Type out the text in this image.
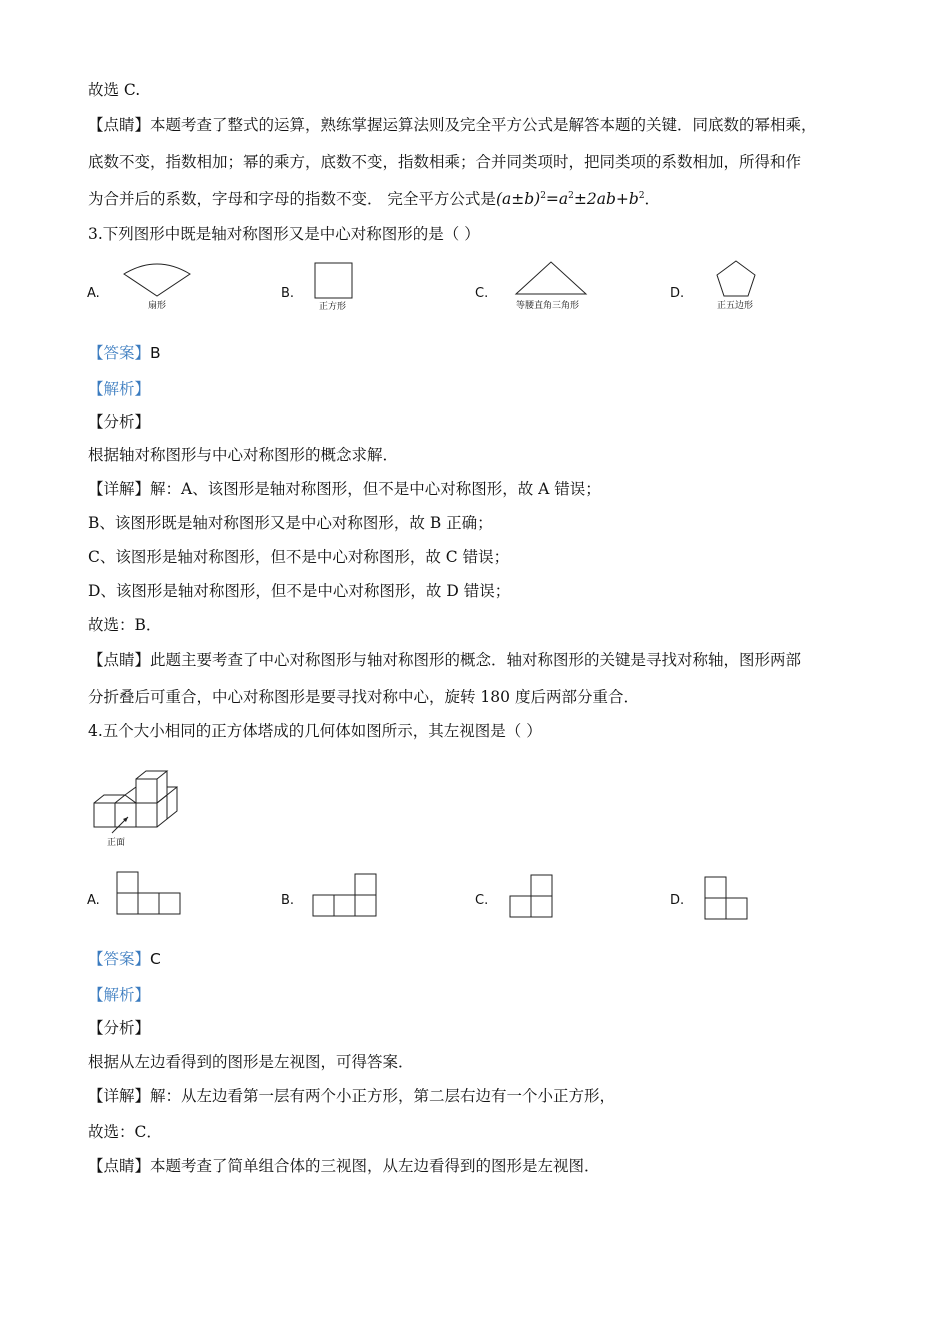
故选 C.
【点睛】本题考查了整式的运算，熟练掌握运算法则及完全平方公式是解答本题的关键．同底数的幂相乘，
底数不变，指数相加；幂的乘方，底数不变，指数相乘；合并同类项时，把同类项的系数相加，所得和作
为合并后的系数，字母和字母的指数不变． 完全平方公式是$(a\pm b)^2=a^2\pm 2ab+b^2$．
3.下列图形中既是轴对称图形又是中心对称图形的是（ ）
A.
扇形
B.
正方形
C.
等腰直角三角形
D.
正五边形
【答案】B
【解析】
【分析】
根据轴对称图形与中心对称图形的概念求解．
【详解】解：A、该图形是轴对称图形，但不是中心对称图形，故 A 错误；
B、该图形既是轴对称图形又是中心对称图形，故 B 正确；
C、该图形是轴对称图形，但不是中心对称图形，故 C 错误；
D、该图形是轴对称图形，但不是中心对称图形，故 D 错误；
故选：B．
【点睛】此题主要考查了中心对称图形与轴对称图形的概念．轴对称图形的关键是寻找对称轴，图形两部
分折叠后可重合，中心对称图形是要寻找对称中心，旋转 180 度后两部分重合．
4.五个大小相同的正方体塔成的几何体如图所示，其左视图是（ ）
正面
A.	B.	C.	D.
【答案】C
【解析】
【分析】
根据从左边看得到的图形是左视图，可得答案．
【详解】解：从左边看第一层有两个小正方形，第二层右边有一个小正方形，
故选：C．
【点睛】本题考查了简单组合体的三视图，从左边看得到的图形是左视图．
